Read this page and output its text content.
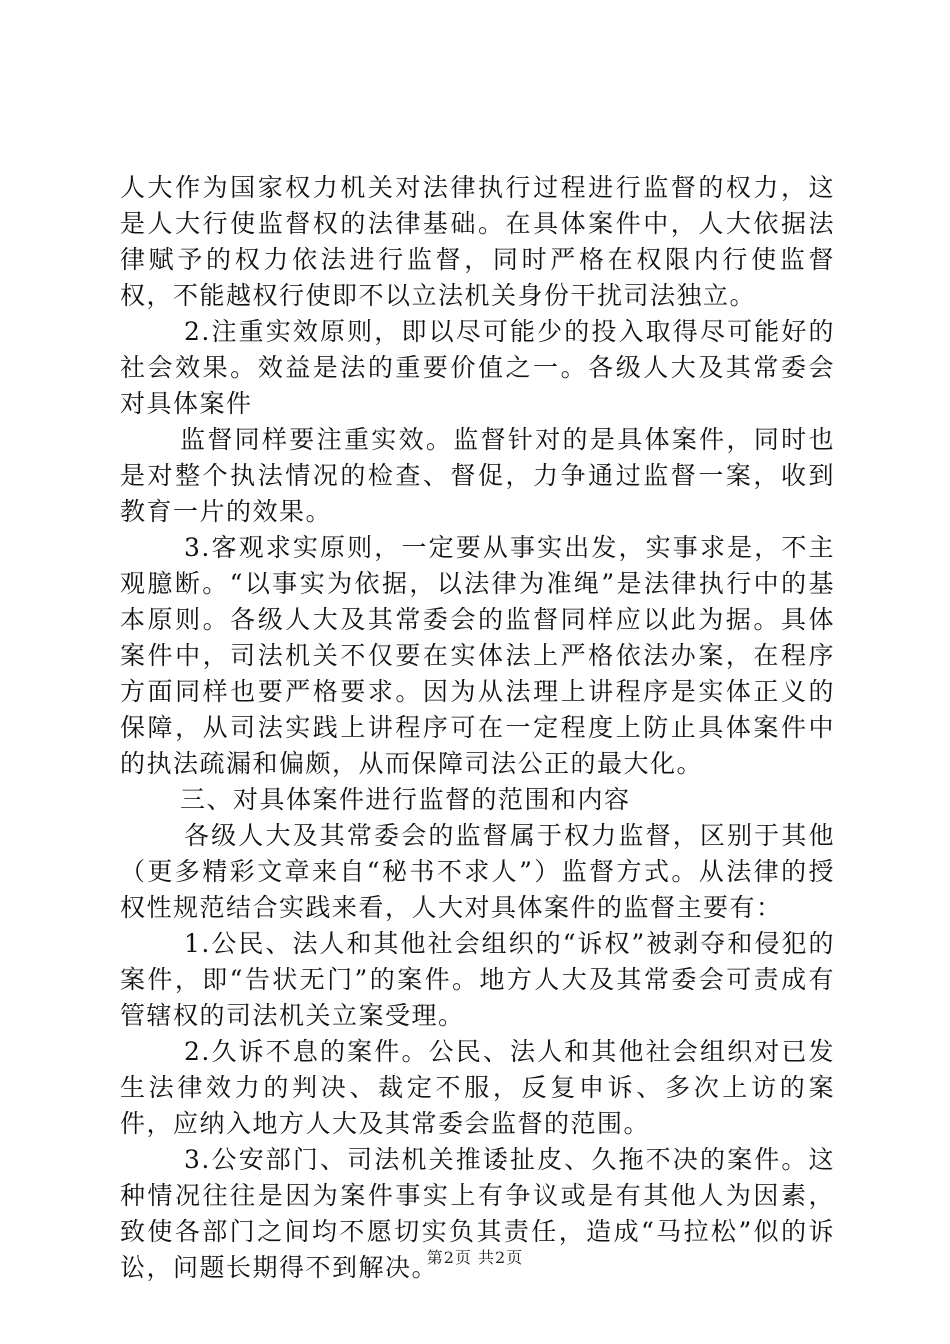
人大作为国家权力机关对法律执行过程进行监督的权力，这是人大行使监督权的法律基础。在具体案件中，人大依据法律赋予的权力依法进行监督，同时严格在权限内行使监督权，不能越权行使即不以立法机关身份干扰司法独立。

2.注重实效原则，即以尽可能少的投入取得尽可能好的社会效果。效益是法的重要价值之一。各级人大及其常委会对具体案件

监督同样要注重实效。监督针对的是具体案件，同时也是对整个执法情况的检查、督促，力争通过监督一案，收到教育一片的效果。

3.客观求实原则，一定要从事实出发，实事求是，不主观臆断。“以事实为依据，以法律为准绳”是法律执行中的基本原则。各级人大及其常委会的监督同样应以此为据。具体案件中，司法机关不仅要在实体法上严格依法办案，在程序方面同样也要严格要求。因为从法理上讲程序是实体正义的保障，从司法实践上讲程序可在一定程度上防止具体案件中的执法疏漏和偏颇，从而保障司法公正的最大化。

三、对具体案件进行监督的范围和内容

各级人大及其常委会的监督属于权力监督，区别于其他（更多精彩文章来自“秘书不求人”）监督方式。从法律的授权性规范结合实践来看，人大对具体案件的监督主要有：

1.公民、法人和其他社会组织的“诉权”被剥夺和侵犯的案件，即“告状无门”的案件。地方人大及其常委会可责成有管辖权的司法机关立案受理。

2.久诉不息的案件。公民、法人和其他社会组织对已发生法律效力的判决、裁定不服，反复申诉、多次上访的案件，应纳入地方人大及其常委会监督的范围。

3.公安部门、司法机关推诿扯皮、久拖不决的案件。这种情况往往是因为案件事实上有争议或是有其他人为因素，致使各部门之间均不愿切实负其责任，造成“马拉松”似的诉讼，问题长期得不到解决。

第2页 共2页
